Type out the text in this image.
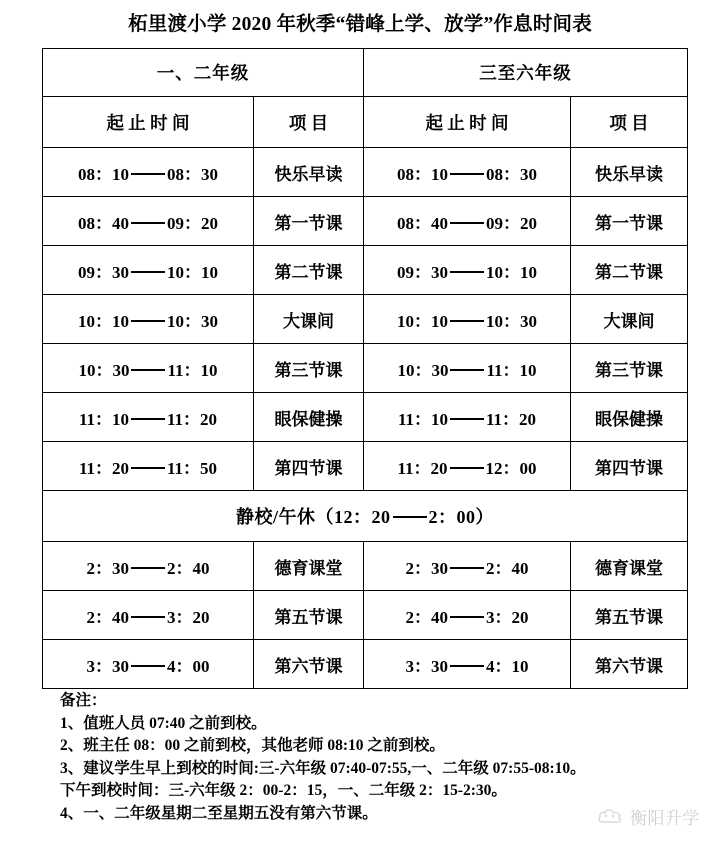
柘里渡小学 2020 年秋季“错峰上学、放学”作息时间表
一、二年级		三至六年级	
起 止 时 间	项 目	起 止 时 间	项 目
08：10 08：30	快乐早读	08：10 08：30	快乐早读
08：40 09：20	第一节课	08：40 09：20	第一节课
09：30 10：10	第二节课	09：30 10：10	第二节课
10：10 10：30	大课间	10：10 10：30	大课间
10：30 11：10	第三节课	10：30 11：10	第三节课
11：10 11：20	眼保健操	11：10 11：20	眼保健操
11：20 11：50	第四节课	11：20 12：00	第四节课
静校/午休（12：20 2：00）			
2：30 2：40	德育课堂	2：30 2：40	德育课堂
2：40 3：20	第五节课	2：40 3：20	第五节课
3：30 4：00	第六节课	3：30 4：10	第六节课
备注：
1、值班人员 07:40 之前到校。
2、班主任 08：00 之前到校，其他老师 08:10 之前到校。
3、建议学生早上到校的时间:三-六年级 07:40-07:55,一、二年级 07:55-08:10。
下午到校时间：三-六年级 2：00-2：15，一、二年级 2：15-2:30。
4、一、二年级星期二至星期五没有第六节课。	衡阳升学
